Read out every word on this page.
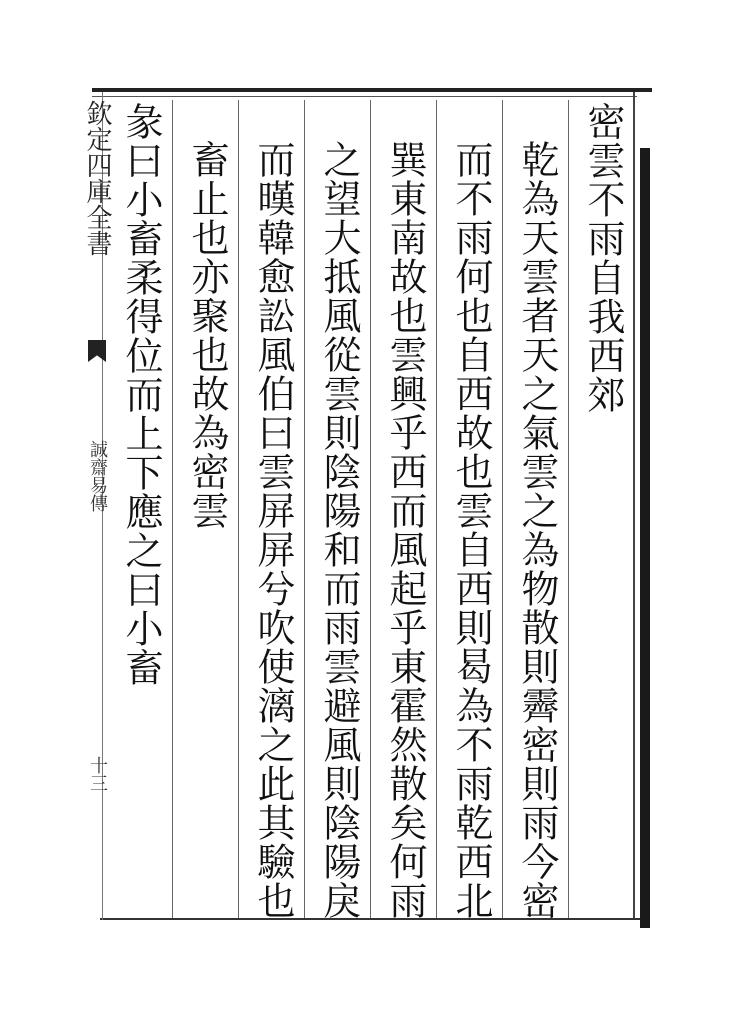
欽定四庫全書
誠齋易傳
十三
密雲不雨自我西郊
乾為天雲者天之氣雲之為物散則霽密則雨今密
而不雨何也自西故也雲自西則曷為不雨乾西北
巽東南故也雲興乎西而風起乎東霍然散矣何雨
之望大抵風從雲則陰陽和而雨雲避風則陰陽戾
而暵韓愈訟風伯曰雲屏屏兮吹使漓之此其驗也
畜止也亦聚也故為密雲
彖曰小畜柔得位而上下應之曰小畜
